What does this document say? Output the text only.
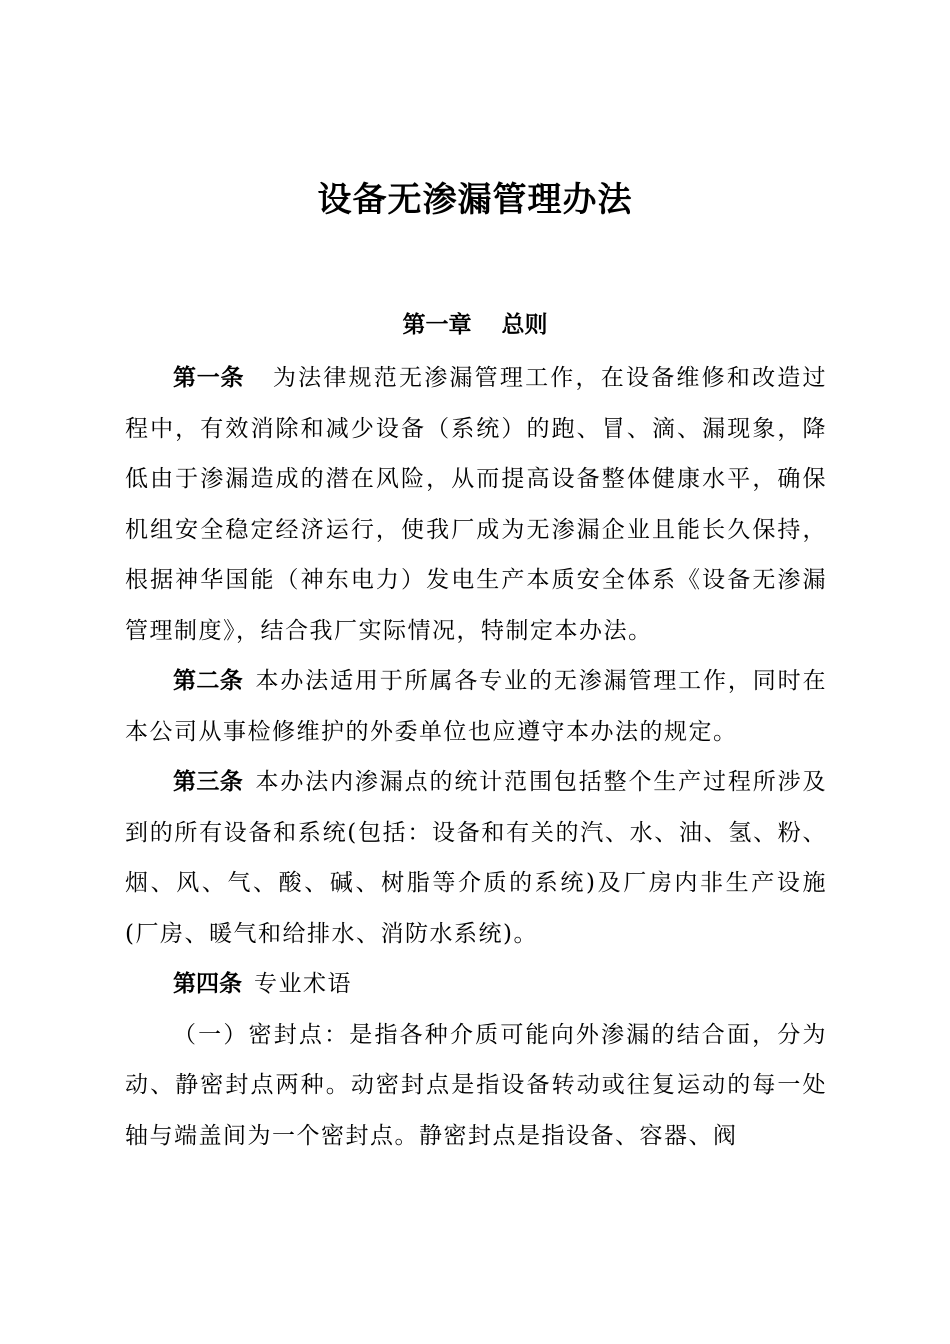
设备无渗漏管理办法
第一章 总则

第一条 为法律规范无渗漏管理工作，在设备维修和改造过程中，有效消除和减少设备（系统）的跑、冒、滴、漏现象，降低由于渗漏造成的潜在风险，从而提高设备整体健康水平，确保机组安全稳定经济运行，使我厂成为无渗漏企业且能长久保持，根据神华国能（神东电力）发电生产本质安全体系《设备无渗漏管理制度》，结合我厂实际情况，特制定本办法。

第二条 本办法适用于所属各专业的无渗漏管理工作，同时在本公司从事检修维护的外委单位也应遵守本办法的规定。

第三条 本办法内渗漏点的统计范围包括整个生产过程所涉及到的所有设备和系统(包括：设备和有关的汽、水、油、氢、粉、烟、风、气、酸、碱、树脂等介质的系统)及厂房内非生产设施(厂房、暖气和给排水、消防水系统)。

第四条 专业术语

（一）密封点：是指各种介质可能向外渗漏的结合面，分为动、静密封点两种。动密封点是指设备转动或往复运动的每一处轴与端盖间为一个密封点。静密封点是指设备、容器、阀
